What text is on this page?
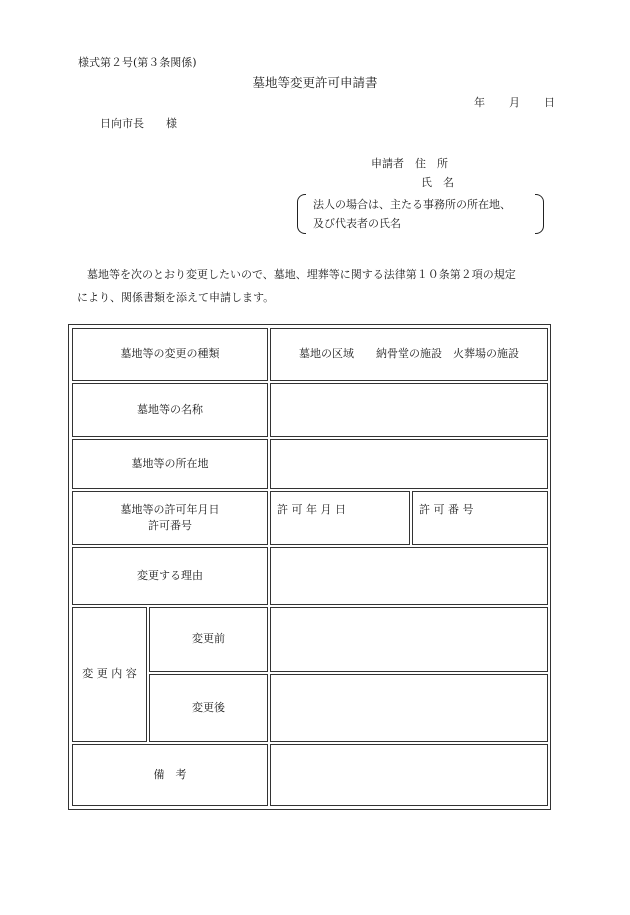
様式第２号(第３条関係)
墓地等変更許可申請書
年 月 日
日向市長　　様
申請者　住　所
氏　名
法人の場合は、主たる事務所の所在地、
及び代表者の氏名
墓地等を次のとおり変更したいので、墓地、埋葬等に関する法律第１０条第２項の規定
により、関係書類を添えて申請します。
墓地等の変更の種類	墓地の区域　　納骨堂の施設　火葬場の施設
墓地等の名称
墓地等の所在地
墓地等の許可年月日
許可番号
許 可 年 月 日	許 可 番 号
変更する理由
変 更 内 容
変更前
変更後
備　考
